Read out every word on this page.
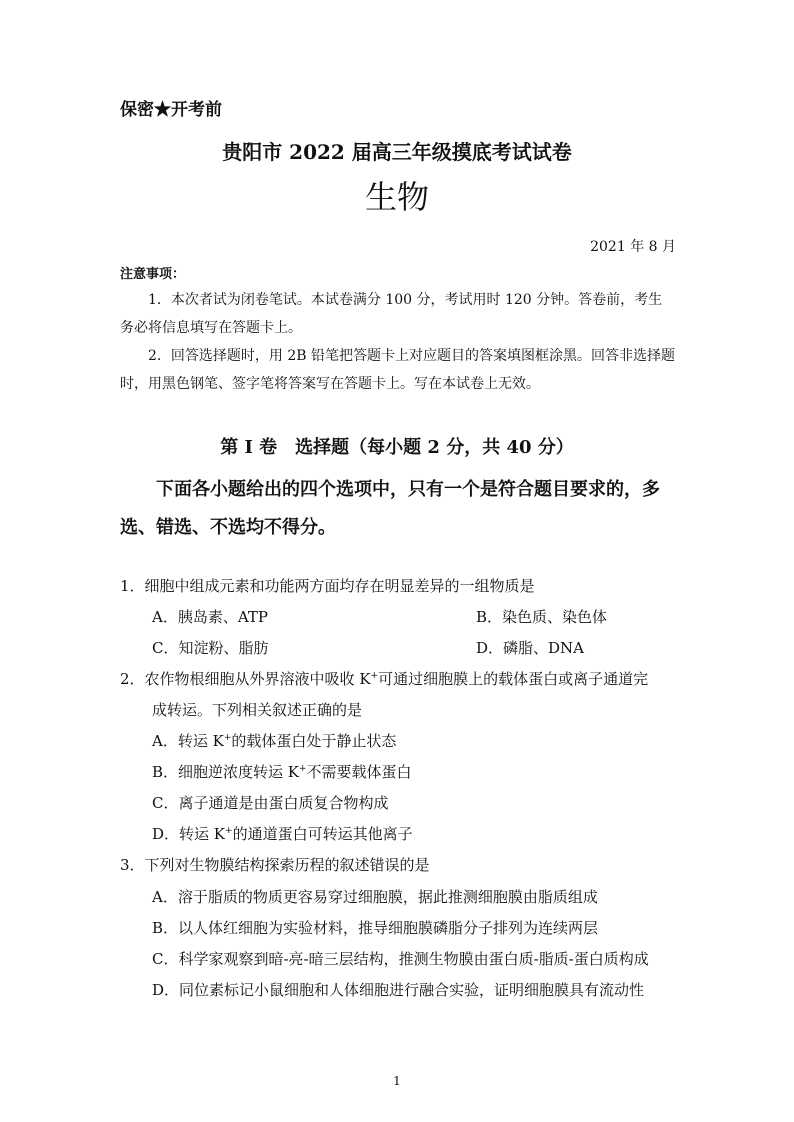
保密★开考前
贵阳市 2022 届高三年级摸底考试试卷
生物
2021 年 8 月
注意事项：
1．本次者试为闭卷笔试。本试卷满分 100 分，考试用时 120 分钟。答卷前，考生务必将信息填写在答题卡上。
2．回答选择题时，用 2B 铅笔把答题卡上对应题目的答案填图框涂黑。回答非选择题时，用黑色钢笔、签字笔将答案写在答题卡上。写在本试卷上无效。
第 I 卷　选择题（每小题 2 分，共 40 分）
下面各小题给出的四个选项中，只有一个是符合题目要求的，多选、错选、不选均不得分。
1．细胞中组成元素和功能两方面均存在明显差异的一组物质是
A．胰岛素、ATP	B．染色质、染色体
C．知淀粉、脂肪	D．磷脂、DNA
2．农作物根细胞从外界溶液中吸收 K+可通过细胞膜上的载体蛋白或离子通道完
成转运。下列相关叙述正确的是
A．转运 K+的载体蛋白处于静止状态
B．细胞逆浓度转运 K+不需要载体蛋白
C．离子通道是由蛋白质复合物构成
D．转运 K+的通道蛋白可转运其他离子
3．下列对生物膜结构探索历程的叙述错误的是
A．溶于脂质的物质更容易穿过细胞膜，据此推测细胞膜由脂质组成
B．以人体红细胞为实验材料，推导细胞膜磷脂分子排列为连续两层
C．科学家观察到暗-亮-暗三层结构，推测生物膜由蛋白质-脂质-蛋白质构成
D．同位素标记小鼠细胞和人体细胞进行融合实验，证明细胞膜具有流动性
1
